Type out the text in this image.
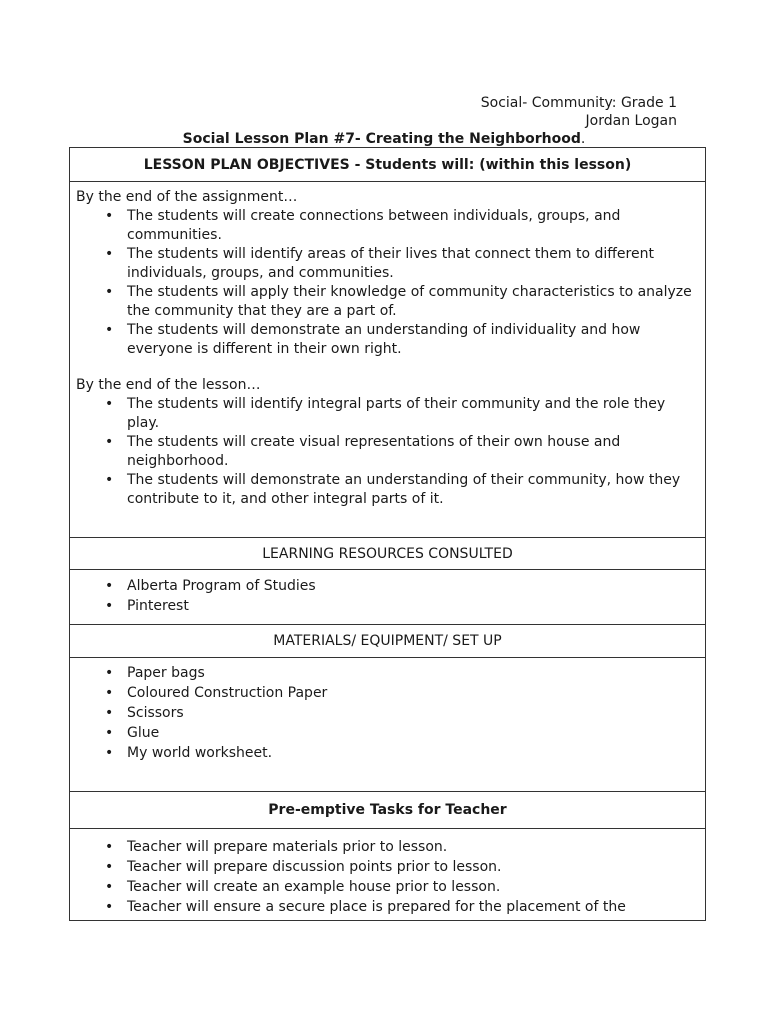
Social- Community: Grade 1
Jordan Logan
Social Lesson Plan #7- Creating the Neighborhood.
LESSON PLAN OBJECTIVES - Students will: (within this lesson)

By the end of the assignment…

• The students will create connections between individuals, groups, and communities.
• The students will identify areas of their lives that connect them to different individuals, groups, and communities.
• The students will apply their knowledge of community characteristics to analyze the community that they are a part of.
• The students will demonstrate an understanding of individuality and how everyone is different in their own right.

By the end of the lesson…

• The students will identify integral parts of their community and the role they play.
• The students will create visual representations of their own house and neighborhood.
• The students will demonstrate an understanding of their community, how they contribute to it, and other integral parts of it.
LEARNING RESOURCES CONSULTED
• Alberta Program of Studies
• Pinterest
MATERIALS/ EQUIPMENT/ SET UP
• Paper bags
• Coloured Construction Paper
• Scissors
• Glue
• My world worksheet.
Pre-emptive Tasks for Teacher
• Teacher will prepare materials prior to lesson.
• Teacher will prepare discussion points prior to lesson.
• Teacher will create an example house prior to lesson.
• Teacher will ensure a secure place is prepared for the placement of the
